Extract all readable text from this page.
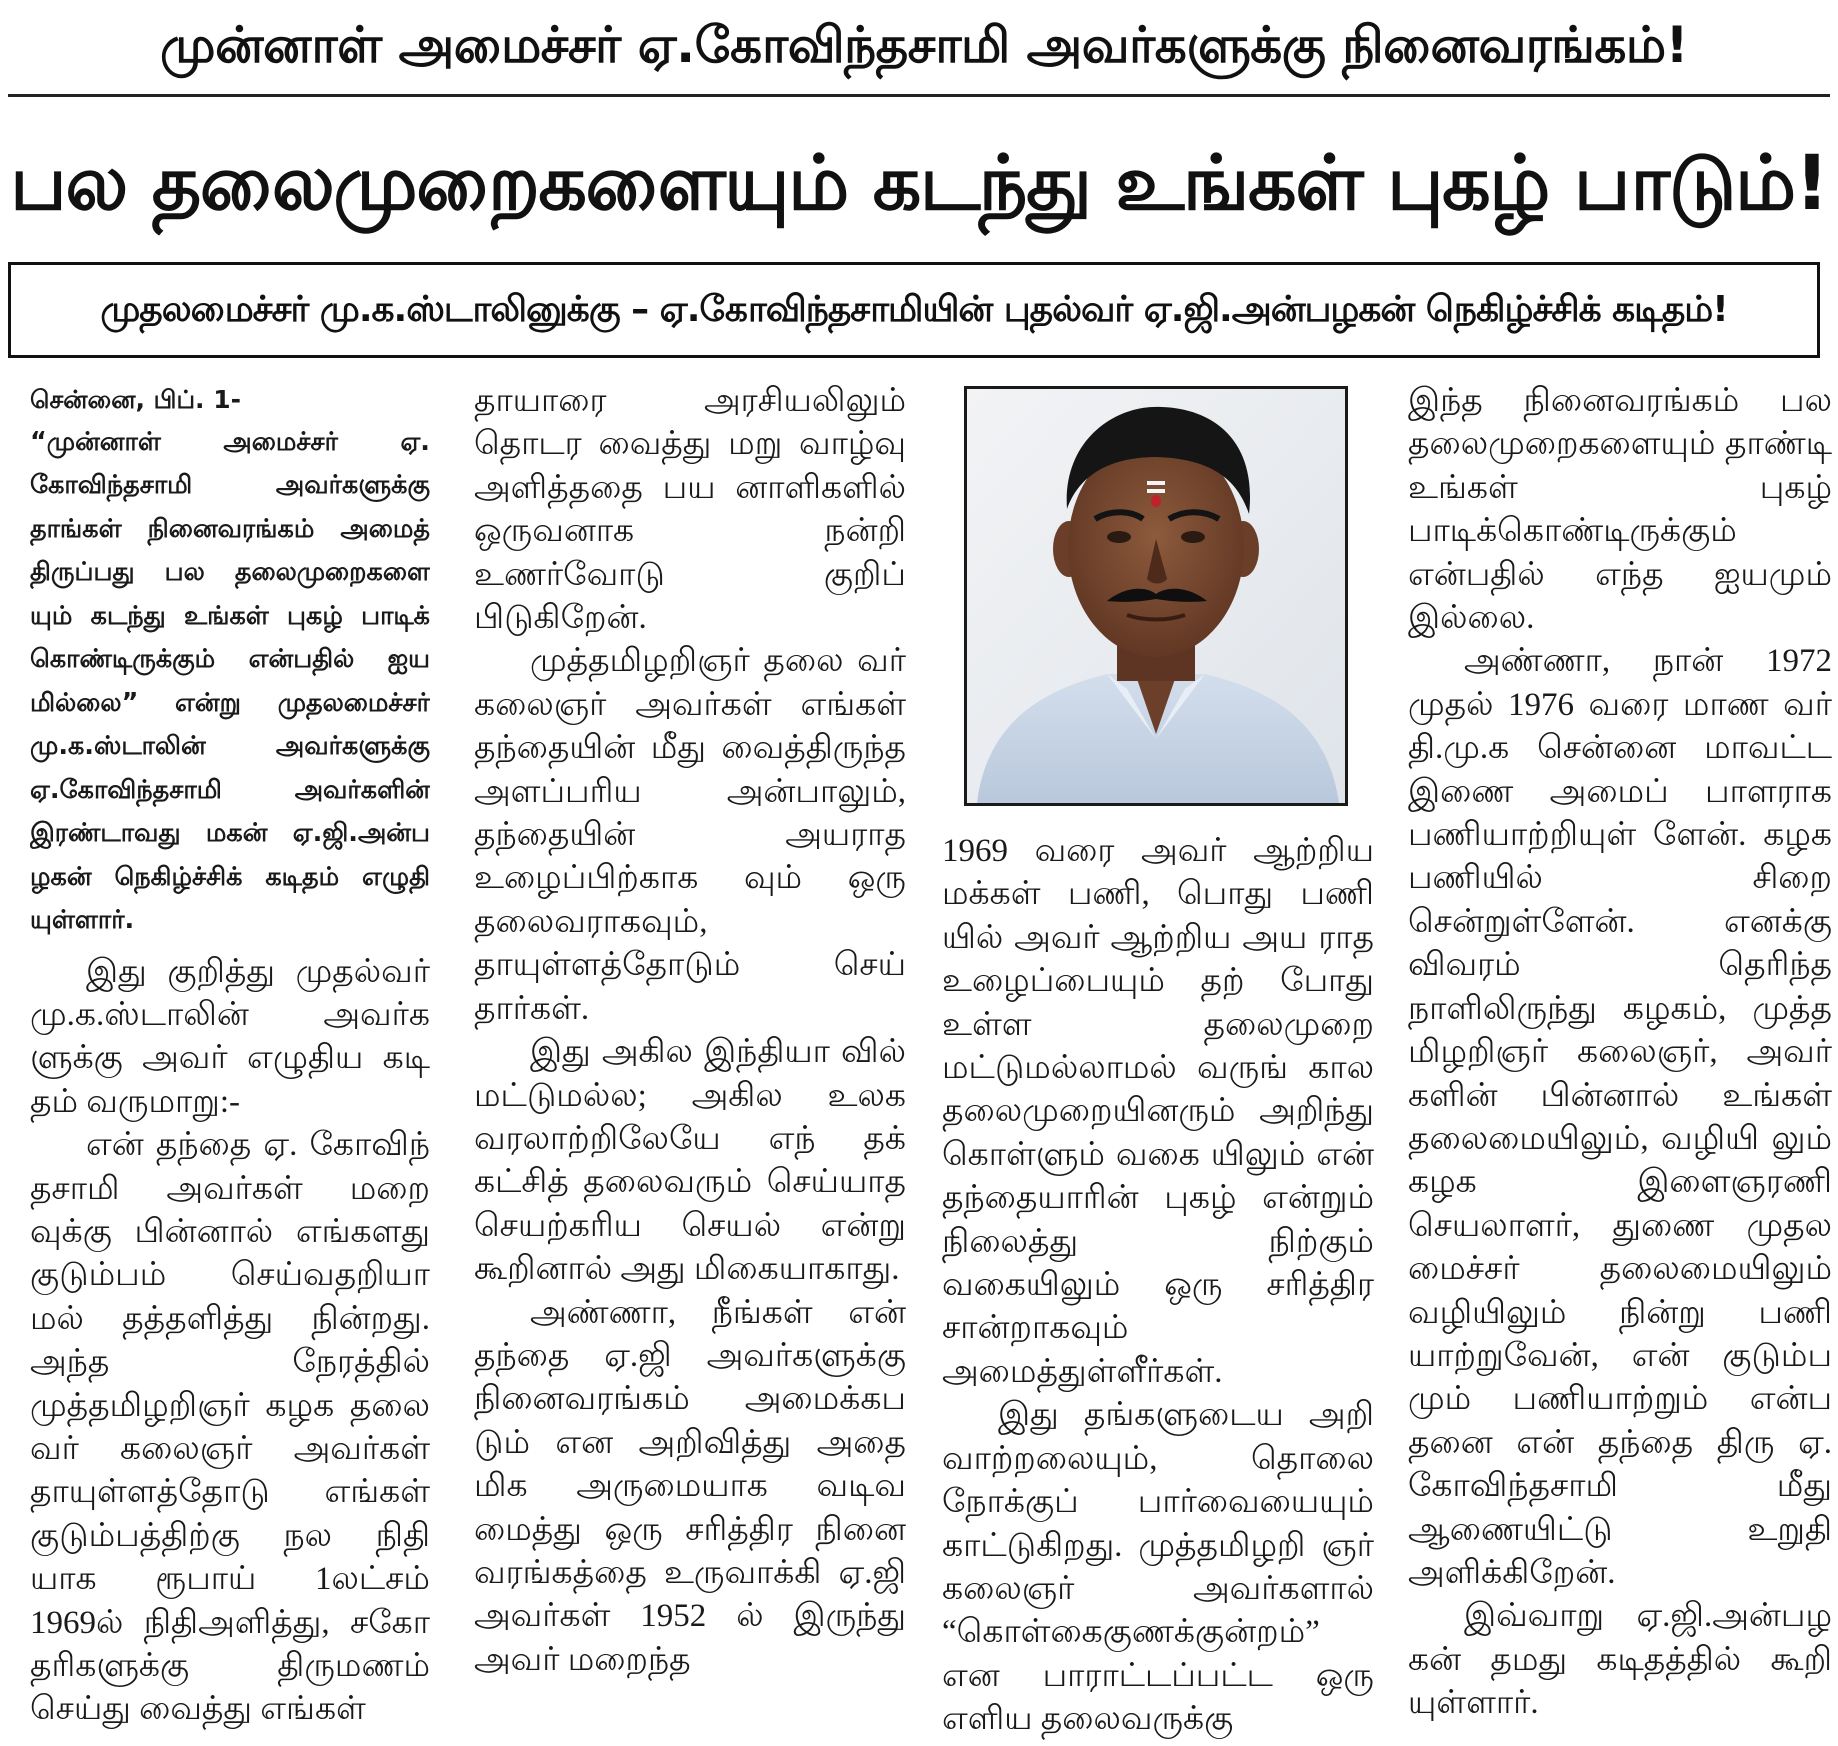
முன்னாள் அமைச்சர் ஏ.கோவிந்தசாமி அவர்களுக்கு நினைவரங்கம்!
பல தலைமுறைகளையும் கடந்து உங்கள் புகழ் பாடும்!
முதலமைச்சர் மு.க.ஸ்டாலினுக்கு – ஏ.கோவிந்தசாமியின் புதல்வர் ஏ.ஜி.அன்பழகன் நெகிழ்ச்சிக் கடிதம்!

சென்னை, பிப். 1-

“முன்னாள் அமைச்சர் ஏ. கோவிந்தசாமி அவர்களுக்கு தாங்கள் நினைவரங்கம் அமைத் திருப்பது பல தலைமுறைகளை யும் கடந்து உங்கள் புகழ் பாடிக் கொண்டிருக்கும் என்பதில் ஐய மில்லை” என்று முதலமைச்சர் மு.க.ஸ்டாலின் அவர்களுக்கு ஏ.கோவிந்தசாமி அவர்களின் இரண்டாவது மகன் ஏ.ஜி.அன்ப ழகன் நெகிழ்ச்சிக் கடிதம் எழுதி யுள்ளார்.

இது குறித்து முதல்வர் மு.க.ஸ்டாலின் அவர்க ளுக்கு அவர் எழுதிய கடி தம் வருமாறு:-

என் தந்தை ஏ. கோவிந் தசாமி அவர்கள் மறை வுக்கு பின்னால் எங்களது குடும்பம் செய்வதறியா மல் தத்தளித்து நின்றது. அந்த நேரத்தில் முத்தமிழறிஞர் கழக தலை வர் கலைஞர் அவர்கள் தாயுள்ளத்தோடு எங்கள் குடும்பத்திற்கு நல நிதி யாக ரூபாய் 1லட்சம் 1969ல் நிதிஅளித்து, சகோ தரிகளுக்கு திருமணம் செய்து வைத்து எங்கள்

தாயாரை அரசியலிலும் தொடர வைத்து மறு வாழ்வு அளித்ததை பய னாளிகளில் ஒருவனாக நன்றி உணர்வோடு குறிப் பிடுகிறேன்.

முத்தமிழறிஞர் தலை வர் கலைஞர் அவர்கள் எங்கள் தந்தையின் மீது வைத்திருந்த அளப்பரிய அன்பாலும், தந்தையின் அயராத உழைப்பிற்காக வும் ஒரு தலைவராகவும், தாயுள்ளத்தோடும் செய் தார்கள்.

இது அகில இந்தியா வில் மட்டுமல்ல; அகில உலக வரலாற்றிலேயே எந் தக் கட்சித் தலைவரும் செய்யாத செயற்கரிய செயல் என்று கூறினால் அது மிகையாகாது.

அண்ணா, நீங்கள் என் தந்தை ஏ.ஜி அவர்களுக்கு நினைவரங்கம் அமைக்கப டும் என அறிவித்து அதை மிக அருமையாக வடிவ மைத்து ஒரு சரித்திர நினை வரங்கத்தை உருவாக்கி ஏ.ஜி அவர்கள் 1952 ல் இருந்து அவர் மறைந்த

1969 வரை அவர் ஆற்றிய மக்கள் பணி, பொது பணி யில் அவர் ஆற்றிய அய ராத உழைப்பையும் தற் போது உள்ள தலைமுறை மட்டுமல்லாமல் வருங் கால தலைமுறையினரும் அறிந்து கொள்ளும் வகை யிலும் என் தந்தையாரின் புகழ் என்றும் நிலைத்து நிற்கும் வகையிலும் ஒரு சரித்திர சான்றாகவும் அமைத்துள்ளீர்கள்.

இது தங்களுடைய அறி வாற்றலையும், தொலை நோக்குப் பார்வையையும் காட்டுகிறது. முத்தமிழறி ஞர் கலைஞர் அவர்களால் “கொள்கைகுணக்குன்றம்” என பாராட்டப்பட்ட ஒரு எளிய தலைவருக்கு

இந்த நினைவரங்கம் பல தலைமுறைகளையும் தாண்டி உங்கள் புகழ் பாடிக்கொண்டிருக்கும் என்பதில் எந்த ஐயமும் இல்லை.

அண்ணா, நான் 1972 முதல் 1976 வரை மாண வர் தி.மு.க சென்னை மாவட்ட இணை அமைப் பாளராக பணியாற்றியுள் ளேன். கழக பணியில் சிறை சென்றுள்ளேன். எனக்கு விவரம் தெரிந்த நாளிலிருந்து கழகம், முத்த மிழறிஞர் கலைஞர், அவர் களின் பின்னால் உங்கள் தலைமையிலும், வழியி லும் கழக இளைஞரணி செயலாளர், துணை முதல மைச்சர் தலைமையிலும் வழியிலும் நின்று பணி யாற்றுவேன், என் குடும்ப மும் பணியாற்றும் என்ப தனை என் தந்தை திரு ஏ. கோவிந்தசாமி மீது ஆணையிட்டு உறுதி அளிக்கிறேன்.

இவ்வாறு ஏ.ஜி.அன்பழ கன் தமது கடிதத்தில் கூறி யுள்ளார்.
